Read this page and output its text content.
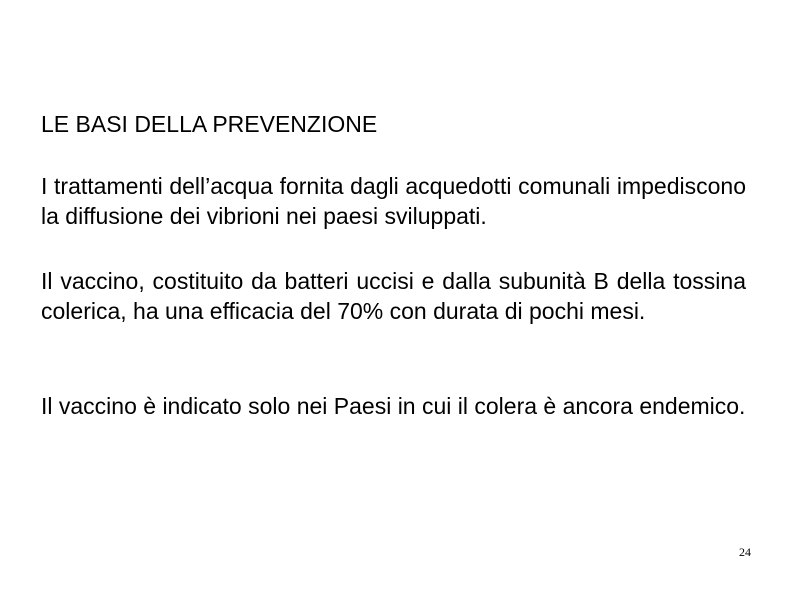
LE BASI DELLA PREVENZIONE
I trattamenti dell’acqua fornita dagli acquedotti comunali impediscono la diffusione dei vibrioni nei paesi sviluppati.
Il vaccino, costituito da batteri uccisi e dalla subunità B della tossina colerica, ha una efficacia del 70% con durata di pochi mesi.
Il vaccino è indicato solo nei Paesi in cui il colera è ancora endemico.
24
